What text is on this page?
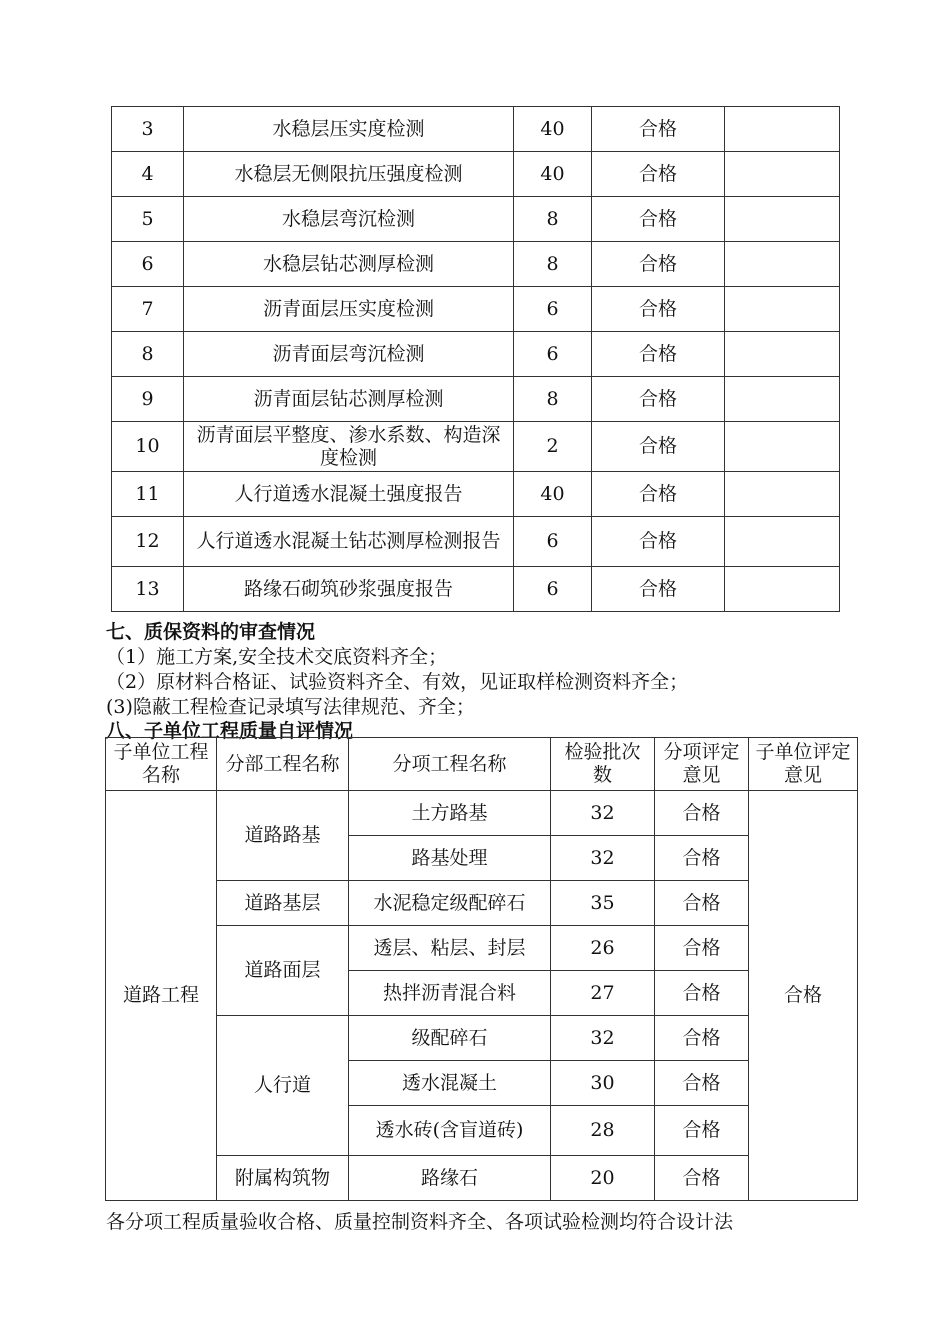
3	水稳层压实度检测	40	合格	
4	水稳层无侧限抗压强度检测	40	合格	
5	水稳层弯沉检测	8	合格	
6	水稳层钻芯测厚检测	8	合格	
7	沥青面层压实度检测	6	合格	
8	沥青面层弯沉检测	6	合格	
9	沥青面层钻芯测厚检测	8	合格	
10	沥青面层平整度、渗水系数、构造深度检测	2	合格	
11	人行道透水混凝土强度报告	40	合格	
12	人行道透水混凝土钻芯测厚检测报告	6	合格	
13	路缘石砌筑砂浆强度报告	6	合格	
七、质保资料的审查情况
（1）施工方案,安全技术交底资料齐全；
（2）原材料合格证、试验资料齐全、有效，见证取样检测资料齐全；
(3)隐蔽工程检查记录填写法律规范、齐全；
八、子单位工程质量自评情况
子单位工程名称	分部工程名称	分项工程名称	检验批次数	分项评定意见	子单位评定意见
道路工程	道路路基	土方路基	32	合格	合格
		路基处理	32	合格	
	道路基层	水泥稳定级配碎石	35	合格	
	道路面层	透层、粘层、封层	26	合格	
		热拌沥青混合料	27	合格	
	人行道	级配碎石	32	合格	
		透水混凝土	30	合格	
		透水砖(含盲道砖)	28	合格	
	附属构筑物	路缘石	20	合格	
各分项工程质量验收合格、质量控制资料齐全、各项试验检测均符合设计法
